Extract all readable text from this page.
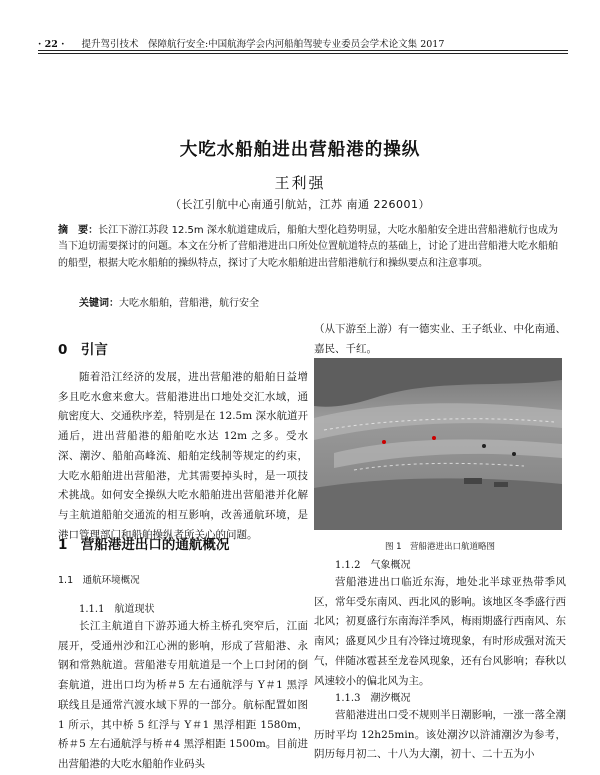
· 22 · 提升驾引技术　保障航行安全:中国航海学会内河船舶驾驶专业委员会学术论文集 2017
大吃水船舶进出营船港的操纵
王利强
（长江引航中心南通引航站，江苏 南通 226001）
摘　要：长江下游江苏段 12.5m 深水航道建成后，船舶大型化趋势明显，大吃水船舶安全进出营船港航行也成为当下迫切需要探讨的问题。本文在分析了营船港进出口所处位置航道特点的基础上，讨论了进出营船港大吃水船舶的船型，根据大吃水船舶的操纵特点，探讨了大吃水船舶进出营船港航行和操纵要点和注意事项。
关键词：大吃水船舶，营船港，航行安全
0　引言
随着沿江经济的发展，进出营船港的船舶日益增多且吃水愈来愈大。营船港进出口地处交汇水域，通航密度大、交通秩序差，特别是在 12.5m 深水航道开通后，进出营船港的船舶吃水达 12m 之多。受水深、潮汐、船舶高峰流、船舶定线制等规定的约束，大吃水船舶进出营船港，尤其需要掉头时，是一项技术挑战。如何安全操纵大吃水船舶进出营船港并化解与主航道船舶交通流的相互影响，改善通航环境，是港口管理部门和船舶操纵者所关心的问题。
1　营船港进出口的通航概况
1.1　通航环境概况
1.1.1　航道现状
长江主航道自下游苏通大桥主桥孔突窄后，江面展开，受通州沙和江心洲的影响，形成了营船港、永钢和常熟航道。营船港专用航道是一个上口封闭的倒套航道，进出口均为桥＃5 左右通航浮与 Y＃1 黑浮联线且是通常汽渡水域下界的一部分。航标配置如图 1 所示，其中桥 5 红浮与 Y＃1 黑浮相距 1580m，桥＃5 左右通航浮与桥＃4 黑浮相距 1500m。目前进出营船港的大吃水船舶作业码头
（从下游至上游）有一德实业、王子纸业、中化南通、嘉民、千红。
图 1　营船港进出口航道略图
1.1.2　气象概况
营船港进出口临近东海，地处北半球亚热带季风区，常年受东南风、西北风的影响。该地区冬季盛行西北风；初夏盛行东南海洋季风，梅雨期盛行西南风、东南风；盛夏风少且有冷锋过境现象，有时形成强对流天气，伴随冰雹甚至龙卷风现象，还有台风影响；春秋以风速较小的偏北风为主。
1.1.3　潮汐概况
营船港进出口受不规则半日潮影响，一涨一落全潮历时平均 12h25min。该处潮汐以浒浦潮汐为参考，阴历每月初二、十八为大潮，初十、二十五为小
